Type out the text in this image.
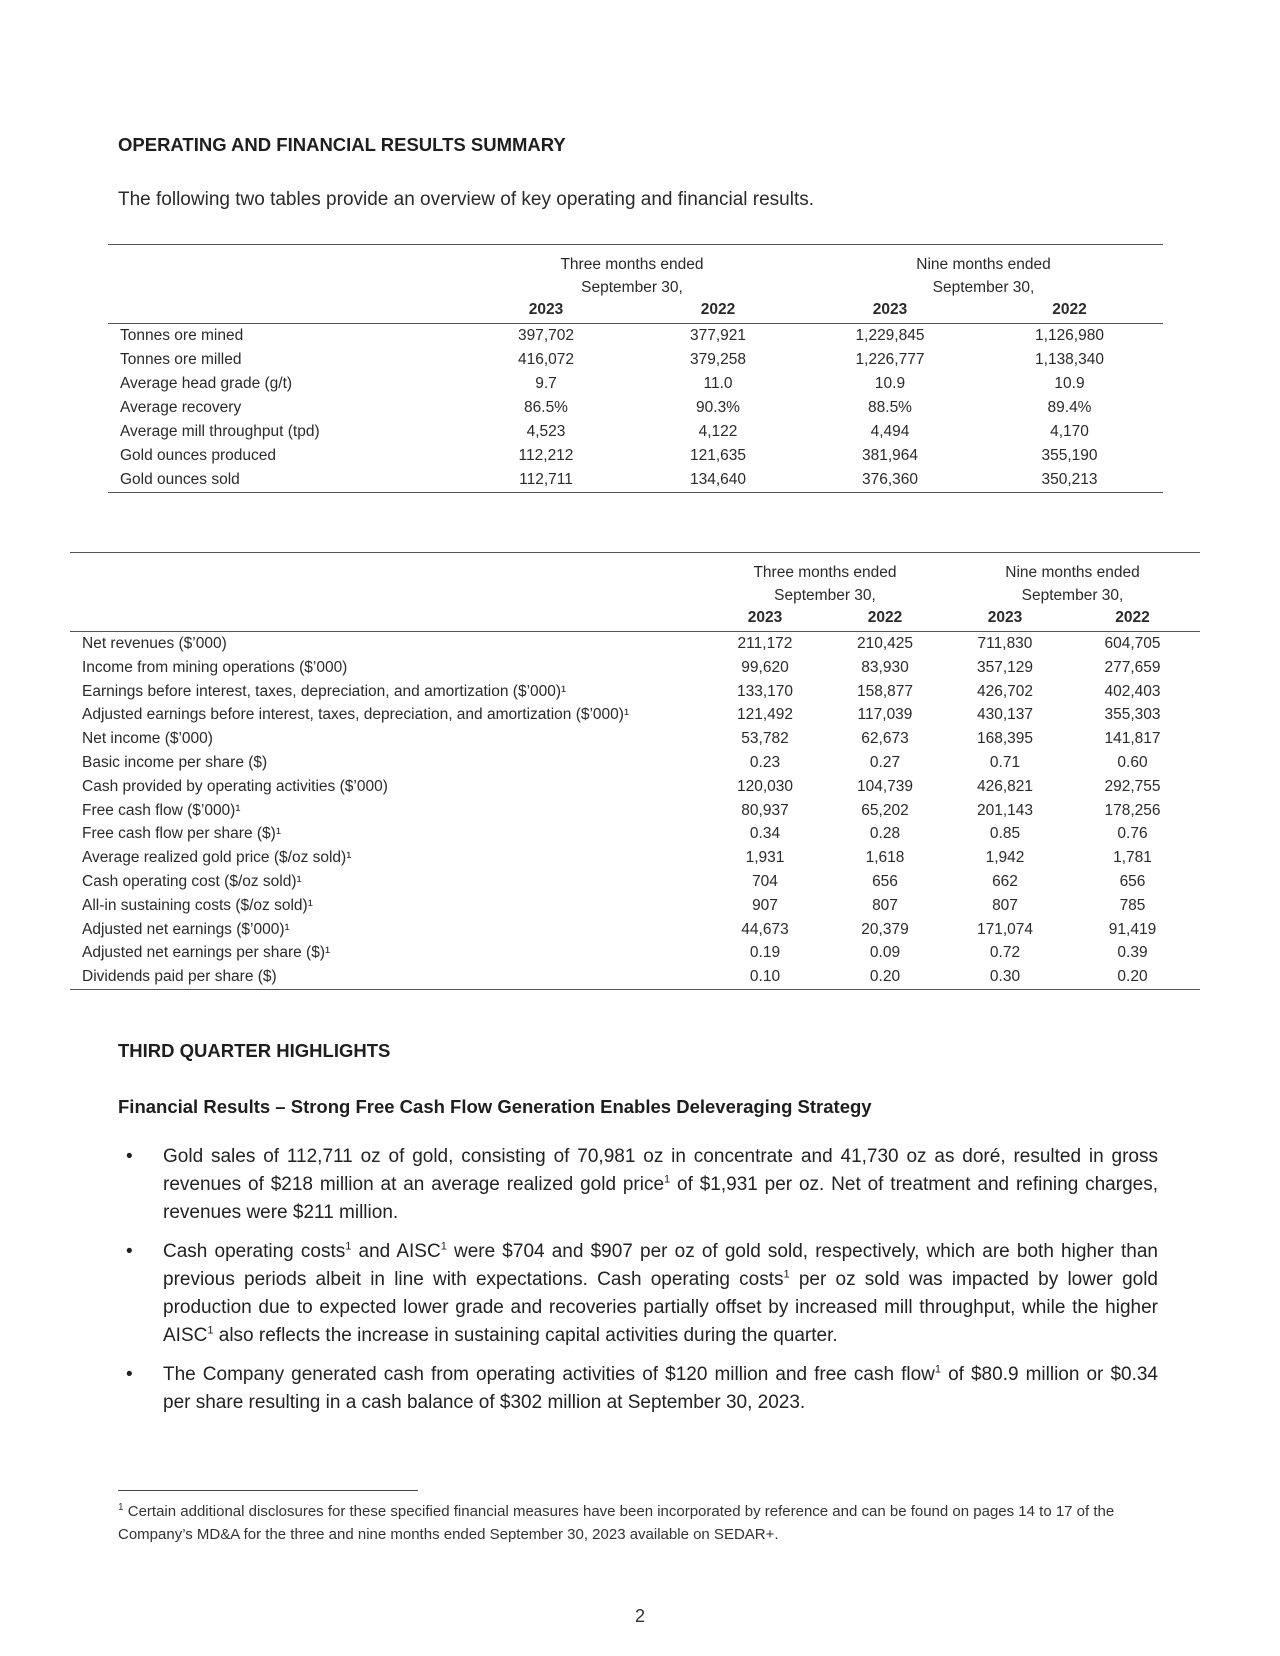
OPERATING AND FINANCIAL RESULTS SUMMARY
The following two tables provide an overview of key operating and financial results.
	Three months ended
September 30,		Nine months ended
September 30,	
	2023	2022	2023	2022
Tonnes ore mined	397,702	377,921	1,229,845	1,126,980
Tonnes ore milled	416,072	379,258	1,226,777	1,138,340
Average head grade (g/t)	9.7	11.0	10.9	10.9
Average recovery	86.5%	90.3%	88.5%	89.4%
Average mill throughput (tpd)	4,523	4,122	4,494	4,170
Gold ounces produced	112,212	121,635	381,964	355,190
Gold ounces sold	112,711	134,640	376,360	350,213
	Three months ended
September 30,		Nine months ended
September 30,	
	2023	2022	2023	2022
Net revenues ($’000)	211,172	210,425	711,830	604,705
Income from mining operations ($’000)	99,620	83,930	357,129	277,659
Earnings before interest, taxes, depreciation, and amortization ($’000)¹	133,170	158,877	426,702	402,403
Adjusted earnings before interest, taxes, depreciation, and amortization ($’000)¹	121,492	117,039	430,137	355,303
Net income ($’000)	53,782	62,673	168,395	141,817
Basic income per share ($)	0.23	0.27	0.71	0.60
Cash provided by operating activities ($’000)	120,030	104,739	426,821	292,755
Free cash flow ($’000)¹	80,937	65,202	201,143	178,256
Free cash flow per share ($)¹	0.34	0.28	0.85	0.76
Average realized gold price ($/oz sold)¹	1,931	1,618	1,942	1,781
Cash operating cost ($/oz sold)¹	704	656	662	656
All-in sustaining costs ($/oz sold)¹	907	807	807	785
Adjusted net earnings ($’000)¹	44,673	20,379	171,074	91,419
Adjusted net earnings per share ($)¹	0.19	0.09	0.72	0.39
Dividends paid per share ($)	0.10	0.20	0.30	0.20
THIRD QUARTER HIGHLIGHTS
Financial Results – Strong Free Cash Flow Generation Enables Deleveraging Strategy
• Gold sales of 112,711 oz of gold, consisting of 70,981 oz in concentrate and 41,730 oz as doré, resulted in gross revenues of $218 million at an average realized gold price$^1$ of $1,931 per oz. Net of treatment and refining charges, revenues were $211 million.
• Cash operating costs$^1$ and AISC$^1$ were $704 and $907 per oz of gold sold, respectively, which are both higher than previous periods albeit in line with expectations. Cash operating costs$^1$ per oz sold was impacted by lower gold production due to expected lower grade and recoveries partially offset by increased mill throughput, while the higher AISC$^1$ also reflects the increase in sustaining capital activities during the quarter.
• The Company generated cash from operating activities of $120 million and free cash flow$^1$ of $80.9 million or $0.34 per share resulting in a cash balance of $302 million at September 30, 2023.
$^1$ Certain additional disclosures for these specified financial measures have been incorporated by reference and can be found on pages 14 to 17 of the Company’s MD&A for the three and nine months ended September 30, 2023 available on SEDAR+.
2
